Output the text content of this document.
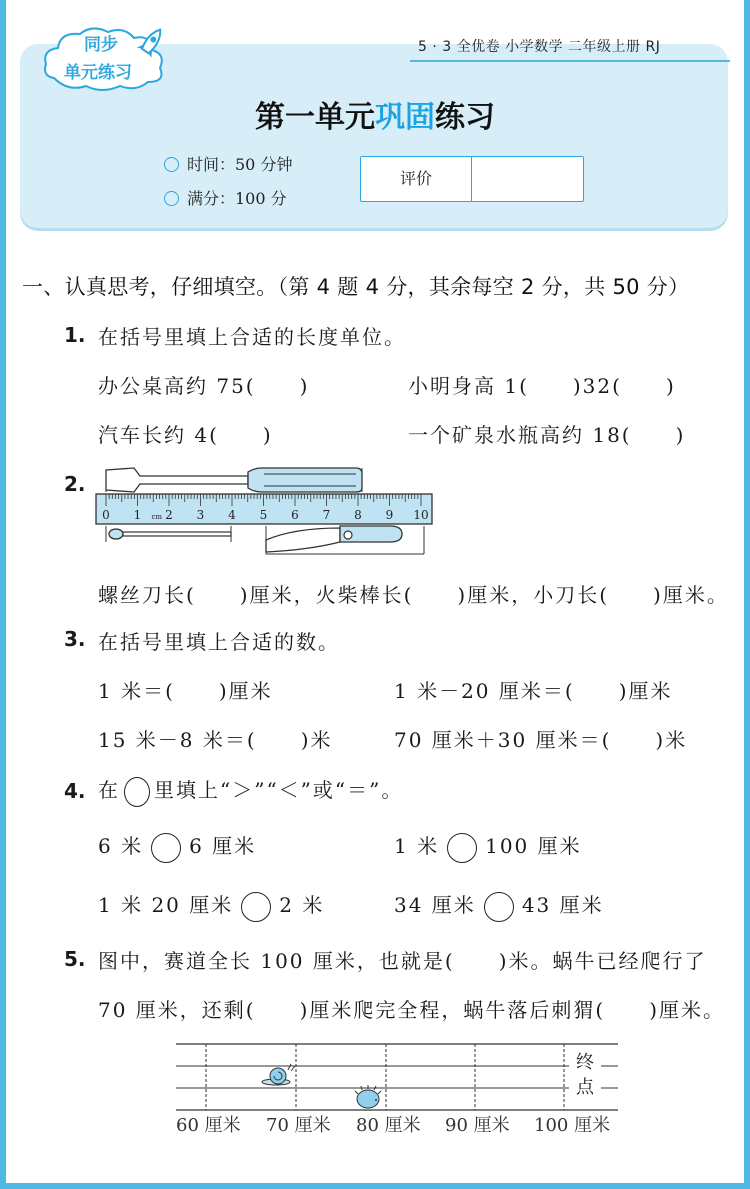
5 · 3 全优卷 小学数学 二年级上册 RJ
同步
单元练习
第一单元巩固练习
时间：50 分钟
满分：100 分
评价
一、认真思考，仔细填空。（第 4 题 4 分，其余每空 2 分，共 50 分）
1. 在括号里填上合适的长度单位。
办公桌高约 75(　　)	小明身高 1(　　)32(　　)
汽车长约 4(　　)	一个矿泉水瓶高约 18(　　)
2.
0 1 2 3 4 5 6 7 8 9 10
cm
螺丝刀长(　　)厘米，火柴棒长(　　)厘米，小刀长(　　)厘米。
3. 在括号里填上合适的数。
1 米＝(　　)厘米	1 米－20 厘米＝(　　)厘米
15 米－8 米＝(　　)米	70 厘米＋30 厘米＝(　　)米
4. 在 里填上“＞”“＜”或“＝”。
6 米 6 厘米	1 米 100 厘米
1 米 20 厘米 2 米	34 厘米 43 厘米
5. 图中，赛道全长 100 厘米，也就是(　　)米。蜗牛已经爬行了
70 厘米，还剩(　　)厘米爬完全程，蜗牛落后刺猬(　　)厘米。
终
点
60 厘米 70 厘米 80 厘米 90 厘米 100 厘米
